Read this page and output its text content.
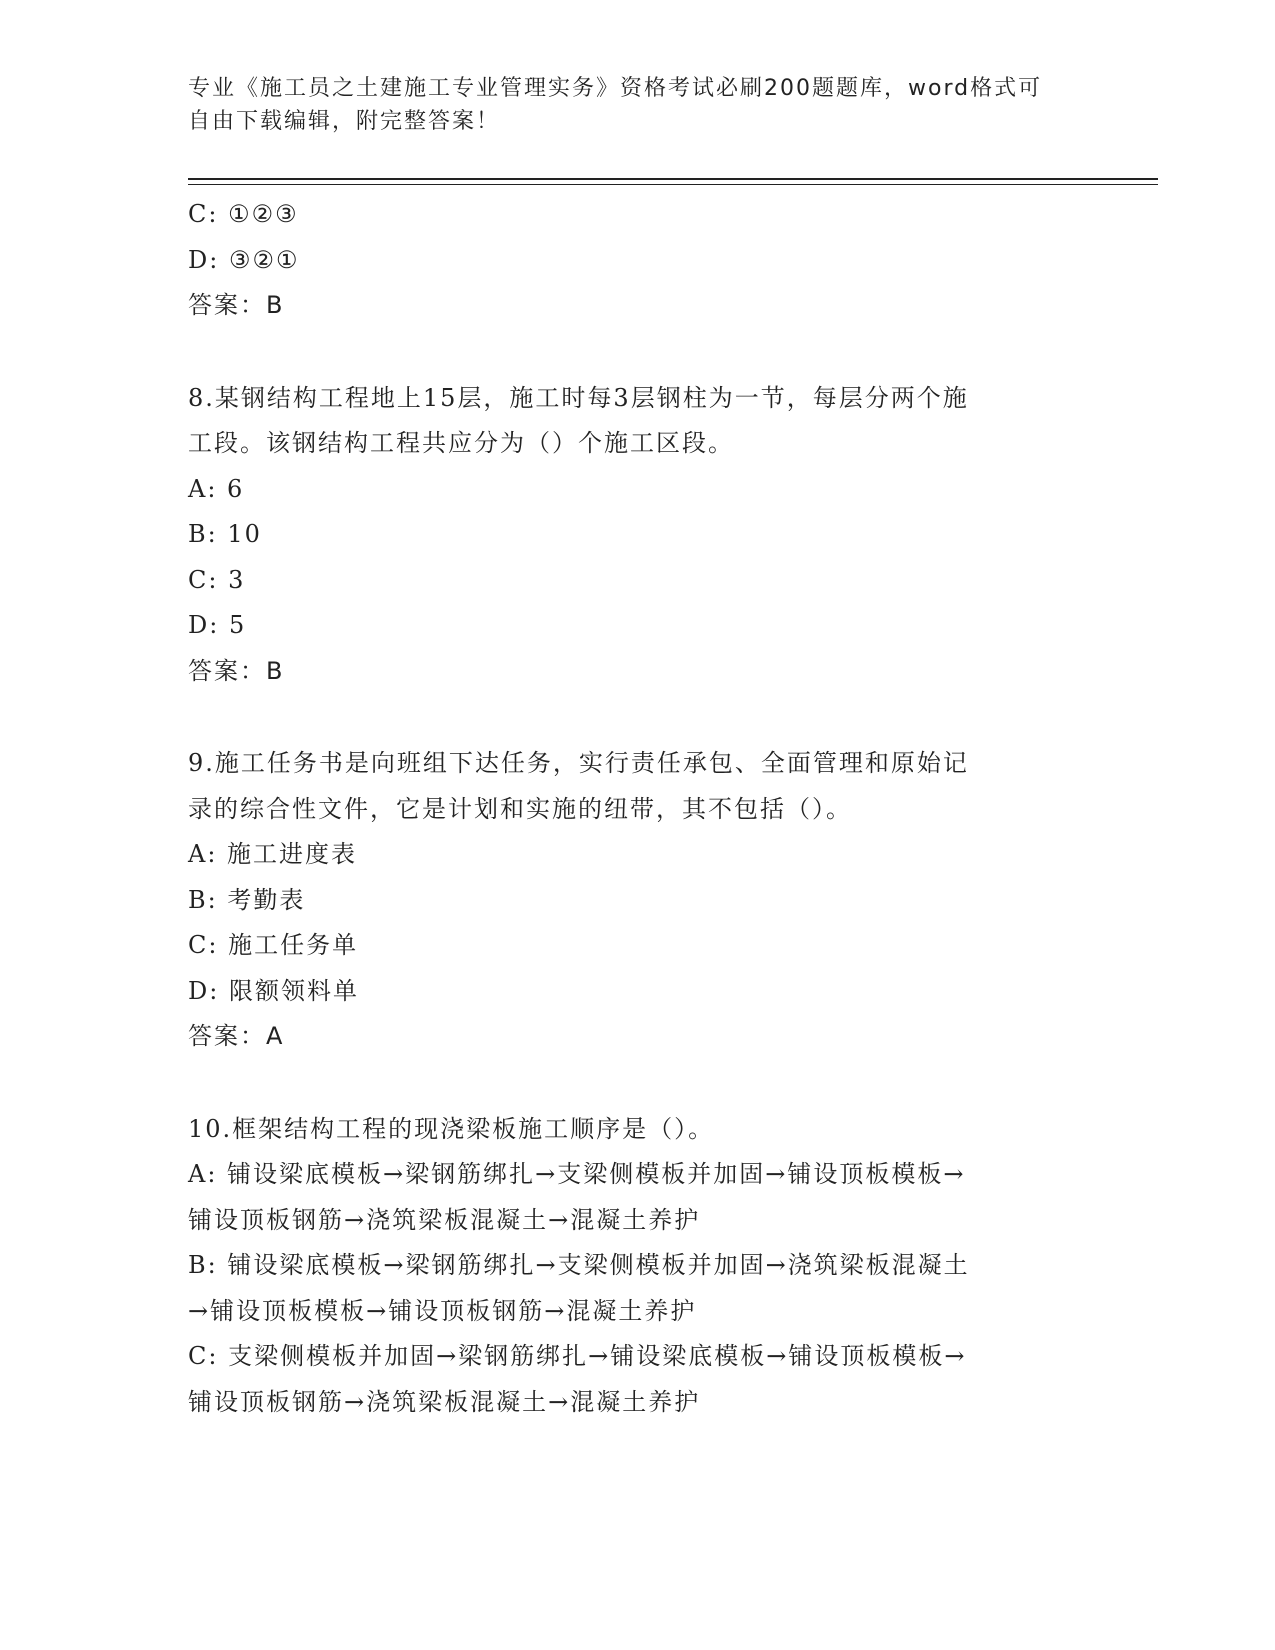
专业《施工员之土建施工专业管理实务》资格考试必刷200题题库，word格式可
自由下载编辑，附完整答案！
C: ①②③
D: ③②①
答案：B
8.某钢结构工程地上15层，施工时每3层钢柱为一节，每层分两个施
工段。该钢结构工程共应分为（）个施工区段。
A: 6
B: 10
C: 3
D: 5
答案：B
9.施工任务书是向班组下达任务，实行责任承包、全面管理和原始记
录的综合性文件，它是计划和实施的纽带，其不包括（）。
A: 施工进度表
B: 考勤表
C: 施工任务单
D: 限额领料单
答案：A
10.框架结构工程的现浇梁板施工顺序是（）。
A: 铺设梁底模板→梁钢筋绑扎→支梁侧模板并加固→铺设顶板模板→
铺设顶板钢筋→浇筑梁板混凝土→混凝土养护
B: 铺设梁底模板→梁钢筋绑扎→支梁侧模板并加固→浇筑梁板混凝土
→铺设顶板模板→铺设顶板钢筋→混凝土养护
C: 支梁侧模板并加固→梁钢筋绑扎→铺设梁底模板→铺设顶板模板→
铺设顶板钢筋→浇筑梁板混凝土→混凝土养护
